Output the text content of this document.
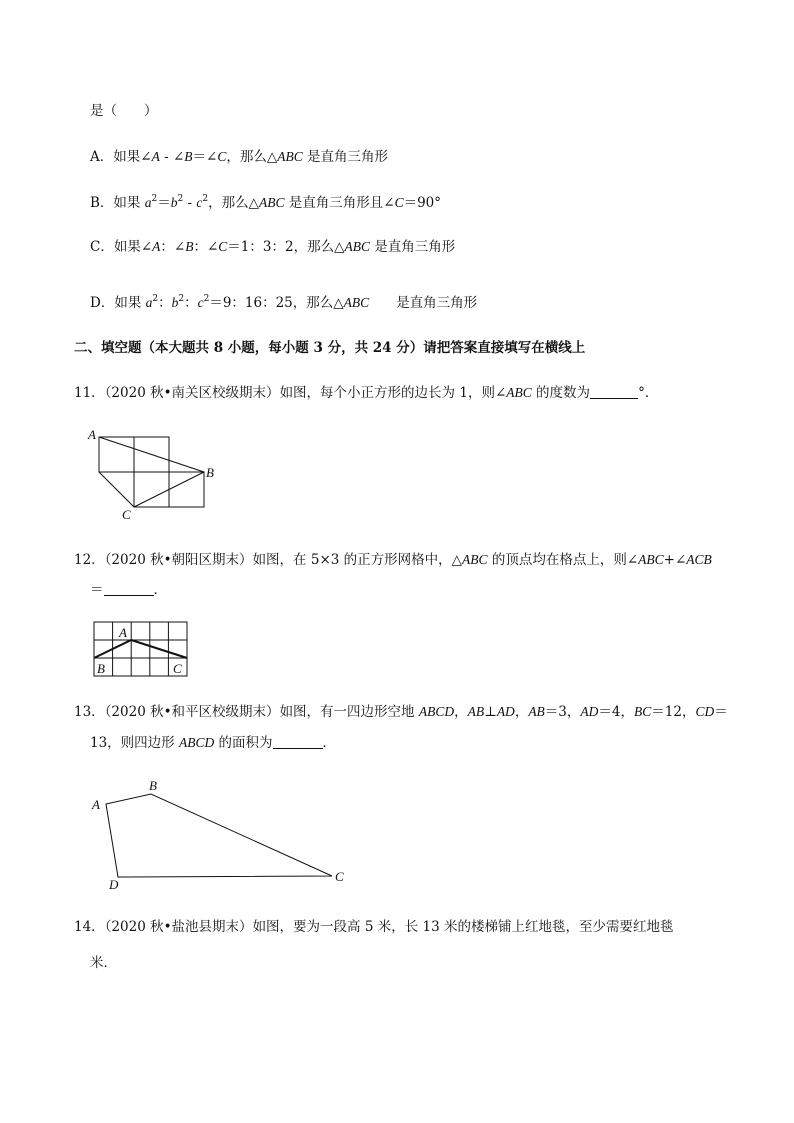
是（　　）
A．如果∠A - ∠B＝∠C，那么△ABC 是直角三角形
B．如果 $a^2=b^2 - c^2$，那么△ABC 是直角三角形且∠C＝90°
C．如果∠A：∠B：∠C＝1：3：2，那么△ABC 是直角三角形
D．如果 $a^2$：$b^2$：$c^2=9$：16：25，那么△ABC　　是直角三角形
二、填空题（本大题共 8 小题，每小题 3 分，共 24 分）请把答案直接填写在横线上
11．（2020 秋•南关区校级期末）如图，每个小正方形的边长为 1，则∠ABC 的度数为	°．
A
B
C
12．（2020 秋•朝阳区期末）如图，在 5×3 的正方形网格中，△ABC 的顶点均在格点上，则∠ABC+∠ACB
＝	．
A
B	C
13．（2020 秋•和平区校级期末）如图，有一四边形空地 ABCD，AB⊥AD，AB＝3，AD＝4，BC＝12，CD＝
13，则四边形 ABCD 的面积为	．
A
B
C
D
14．（2020 秋•盐池县期末）如图，要为一段高 5 米，长 13 米的楼梯铺上红地毯，至少需要红地毯
米．
